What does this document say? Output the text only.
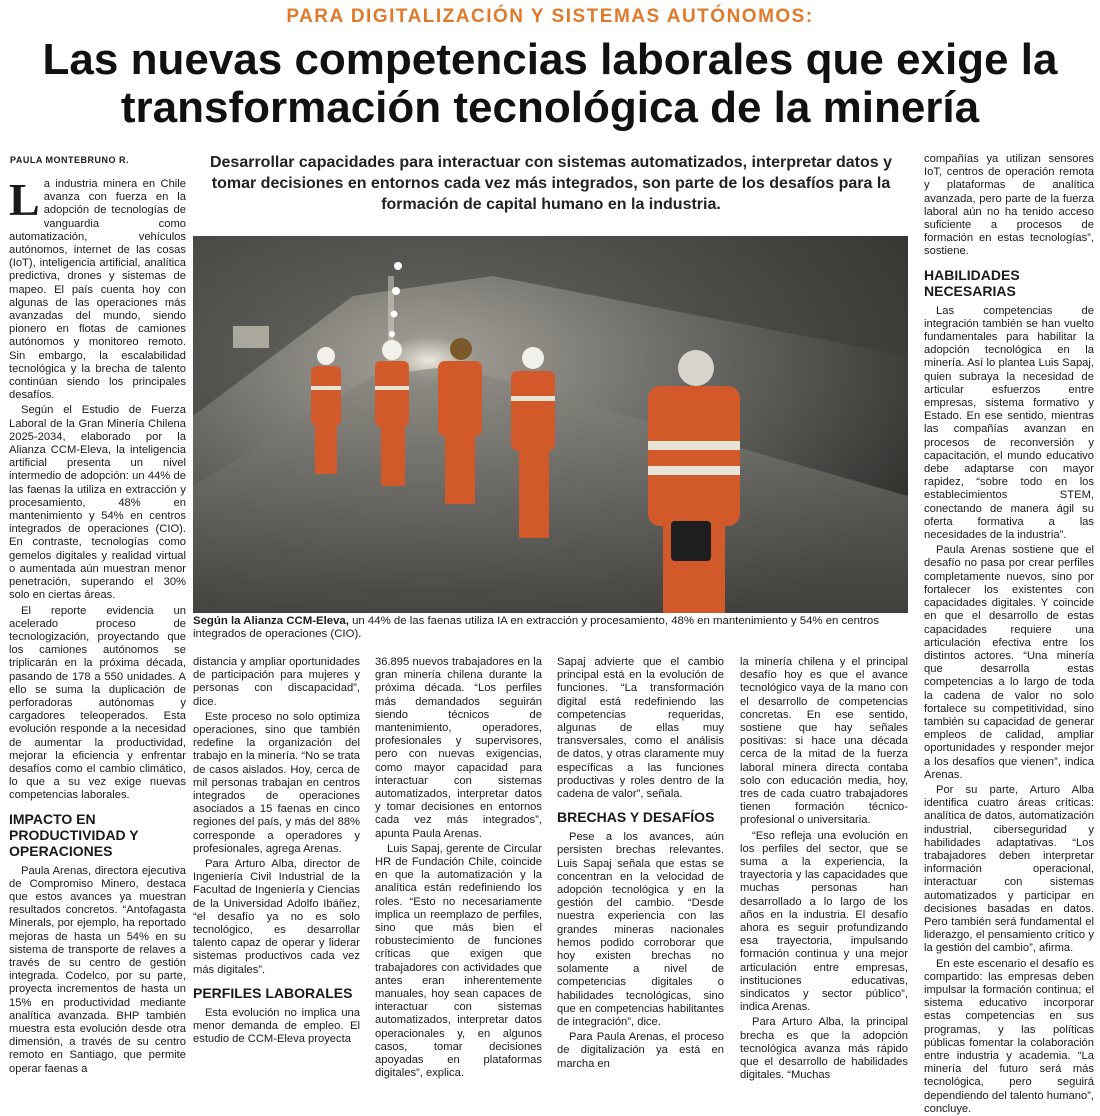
PARA DIGITALIZACIÓN Y SISTEMAS AUTÓNOMOS:
Las nuevas competencias laborales que exige la transformación tecnológica de la minería
PAULA MONTEBRUNO R.	Desarrollar capacidades para interactuar con sistemas automatizados, interpretar datos y tomar decisiones en entornos cada vez más integrados, son parte de los desafíos para la formación de capital humano en la industria.

La industria minera en Chile avanza con fuerza en la adopción de tecnologías de vanguardia como automatización, vehículos autónomos, internet de las cosas (IoT), inteligencia artificial, analítica predictiva, drones y sistemas de mapeo. El país cuenta hoy con algunas de las operaciones más avanzadas del mundo, siendo pionero en flotas de camiones autónomos y monitoreo remoto. Sin embargo, la escalabilidad tecnológica y la brecha de talento continúan siendo los principales desafíos.

Según el Estudio de Fuerza Laboral de la Gran Minería Chilena 2025-2034, elaborado por la Alianza CCM-Eleva, la inteligencia artificial presenta un nivel intermedio de adopción: un 44% de las faenas la utiliza en extracción y procesamiento, 48% en mantenimiento y 54% en centros integrados de operaciones (CIO). En contraste, tecnologías como gemelos digitales y realidad virtual o aumentada aún muestran menor penetración, superando el 30% solo en ciertas áreas.

El reporte evidencia un acelerado proceso de tecnologización, proyectando que los camiones autónomos se triplicarán en la próxima década, pasando de 178 a 550 unidades. A ello se suma la duplicación de perforadoras autónomas y cargadores teleoperados. Esta evolución responde a la necesidad de aumentar la productividad, mejorar la eficiencia y enfrentar desafíos como el cambio climático, lo que a su vez exige nuevas competencias laborales.

IMPACTO EN PRODUCTIVIDAD Y OPERACIONES

Paula Arenas, directora ejecutiva de Compromiso Minero, destaca que estos avances ya muestran resultados concretos. “Antofagasta Minerals, por ejemplo, ha reportado mejoras de hasta un 54% en su sistema de transporte de relaves a través de su centro de gestión integrada. Codelco, por su parte, proyecta incrementos de hasta un 15% en productividad mediante analítica avanzada. BHP también muestra esta evolución desde otra dimensión, a través de su centro remoto en Santiago, que permite operar faenas a

Según la Alianza CCM-Eleva, un 44% de las faenas utiliza IA en extracción y procesamiento, 48% en mantenimiento y 54% en centros integrados de operaciones (CIO).

distancia y ampliar oportunidades de participación para mujeres y personas con discapacidad”, dice.

Este proceso no solo optimiza operaciones, sino que también redefine la organización del trabajo en la minería. “No se trata de casos aislados. Hoy, cerca de mil personas trabajan en centros integrados de operaciones asociados a 15 faenas en cinco regiones del país, y más del 88% corresponde a operadores y profesionales, agrega Arenas.

Para Arturo Alba, director de Ingeniería Civil Industrial de la Facultad de Ingeniería y Ciencias de la Universidad Adolfo Ibáñez, “el desafío ya no es solo tecnológico, es desarrollar talento capaz de operar y liderar sistemas productivos cada vez más digitales”.

PERFILES LABORALES

Esta evolución no implica una menor demanda de empleo. El estudio de CCM-Eleva proyecta

36.895 nuevos trabajadores en la gran minería chilena durante la próxima década. “Los perfiles más demandados seguirán siendo técnicos de mantenimiento, operadores, profesionales y supervisores, pero con nuevas exigencias, como mayor capacidad para interactuar con sistemas automatizados, interpretar datos y tomar decisiones en entornos cada vez más integrados”, apunta Paula Arenas.

Luis Sapaj, gerente de Circular HR de Fundación Chile, coincide en que la automatización y la analítica están redefiniendo los roles. “Esto no necesariamente implica un reemplazo de perfiles, sino que más bien el robustecimiento de funciones críticas que exigen que trabajadores con actividades que antes eran inherentemente manuales, hoy sean capaces de interactuar con sistemas automatizados, interpretar datos operacionales y, en algunos casos, tomar decisiones apoyadas en plataformas digitales”, explica.

Sapaj advierte que el cambio principal está en la evolución de funciones. “La transformación digital está redefiniendo las competencias requeridas, algunas de ellas muy transversales, como el análisis de datos, y otras claramente muy específicas a las funciones productivas y roles dentro de la cadena de valor”, señala.

BRECHAS Y DESAFÍOS

Pese a los avances, aún persisten brechas relevantes. Luis Sapaj señala que estas se concentran en la velocidad de adopción tecnológica y en la gestión del cambio. “Desde nuestra experiencia con las grandes mineras nacionales hemos podido corroborar que hoy existen brechas no solamente a nivel de competencias digitales o habilidades tecnológicas, sino que en competencias habilitantes de integración”, dice.

Para Paula Arenas, el proceso de digitalización ya está en marcha en

la minería chilena y el principal desafío hoy es que el avance tecnológico vaya de la mano con el desarrollo de competencias concretas. En ese sentido, sostiene que hay señales positivas: si hace una década cerca de la mitad de la fuerza laboral minera directa contaba solo con educación media, hoy, tres de cada cuatro trabajadores tienen formación técnico-profesional o universitaria.

“Eso refleja una evolución en los perfiles del sector, que se suma a la experiencia, la trayectoria y las capacidades que muchas personas han desarrollado a lo largo de los años en la industria. El desafío ahora es seguir profundizando esa trayectoria, impulsando formación continua y una mejor articulación entre empresas, instituciones educativas, sindicatos y sector público”, indica Arenas.

Para Arturo Alba, la principal brecha es que la adopción tecnológica avanza más rápido que el desarrollo de habilidades digitales. “Muchas

compañías ya utilizan sensores IoT, centros de operación remota y plataformas de analítica avanzada, pero parte de la fuerza laboral aún no ha tenido acceso suficiente a procesos de formación en estas tecnologías”, sostiene.

HABILIDADES NECESARIAS

Las competencias de integración también se han vuelto fundamentales para habilitar la adopción tecnológica en la minería. Así lo plantea Luis Sapaj, quien subraya la necesidad de articular esfuerzos entre empresas, sistema formativo y Estado. En ese sentido, mientras las compañías avanzan en procesos de reconversión y capacitación, el mundo educativo debe adaptarse con mayor rapidez, “sobre todo en los establecimientos STEM, conectando de manera ágil su oferta formativa a las necesidades de la industria”.

Paula Arenas sostiene que el desafío no pasa por crear perfiles completamente nuevos, sino por fortalecer los existentes con capacidades digitales. Y coincide en que el desarrollo de estas capacidades requiere una articulación efectiva entre los distintos actores. “Una minería que desarrolla estas competencias a lo largo de toda la cadena de valor no solo fortalece su competitividad, sino también su capacidad de generar empleos de calidad, ampliar oportunidades y responder mejor a los desafíos que vienen”, indica Arenas.

Por su parte, Arturo Alba identifica cuatro áreas críticas: analítica de datos, automatización industrial, ciberseguridad y habilidades adaptativas. “Los trabajadores deben interpretar información operacional, interactuar con sistemas automatizados y participar en decisiones basadas en datos. Pero también será fundamental el liderazgo, el pensamiento crítico y la gestión del cambio”, afirma.

En este escenario el desafío es compartido: las empresas deben impulsar la formación continua; el sistema educativo incorporar estas competencias en sus programas, y las políticas públicas fomentar la colaboración entre industria y academia. “La minería del futuro será más tecnológica, pero seguirá dependiendo del talento humano”, concluye.
